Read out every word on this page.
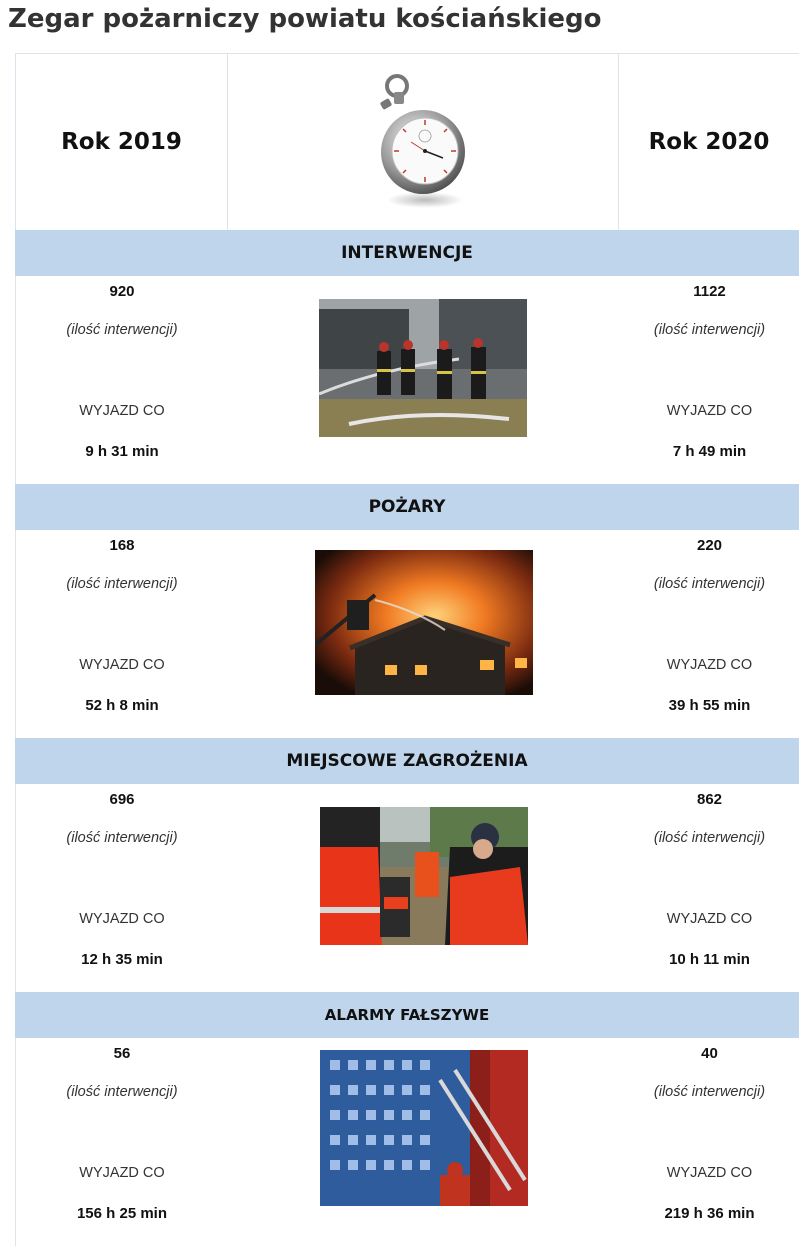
Zegar pożarniczy powiatu kościańskiego
Rok 2019	Rok 2020
INTERWENCJE
920
(ilość interwencji)
WYJAZD CO
9 h 31 min
1122
(ilość interwencji)
WYJAZD CO
7 h 49 min
POŻARY
168
(ilość interwencji)
WYJAZD CO
52 h 8 min
220
(ilość interwencji)
WYJAZD CO
39 h 55 min
MIEJSCOWE ZAGROŻENIA
696
(ilość interwencji)
WYJAZD CO
12 h 35 min
862
(ilość interwencji)
WYJAZD CO
10 h 11 min
ALARMY FAŁSZYWE
56
(ilość interwencji)
WYJAZD CO
156 h 25 min
40
(ilość interwencji)
WYJAZD CO
219 h 36 min
